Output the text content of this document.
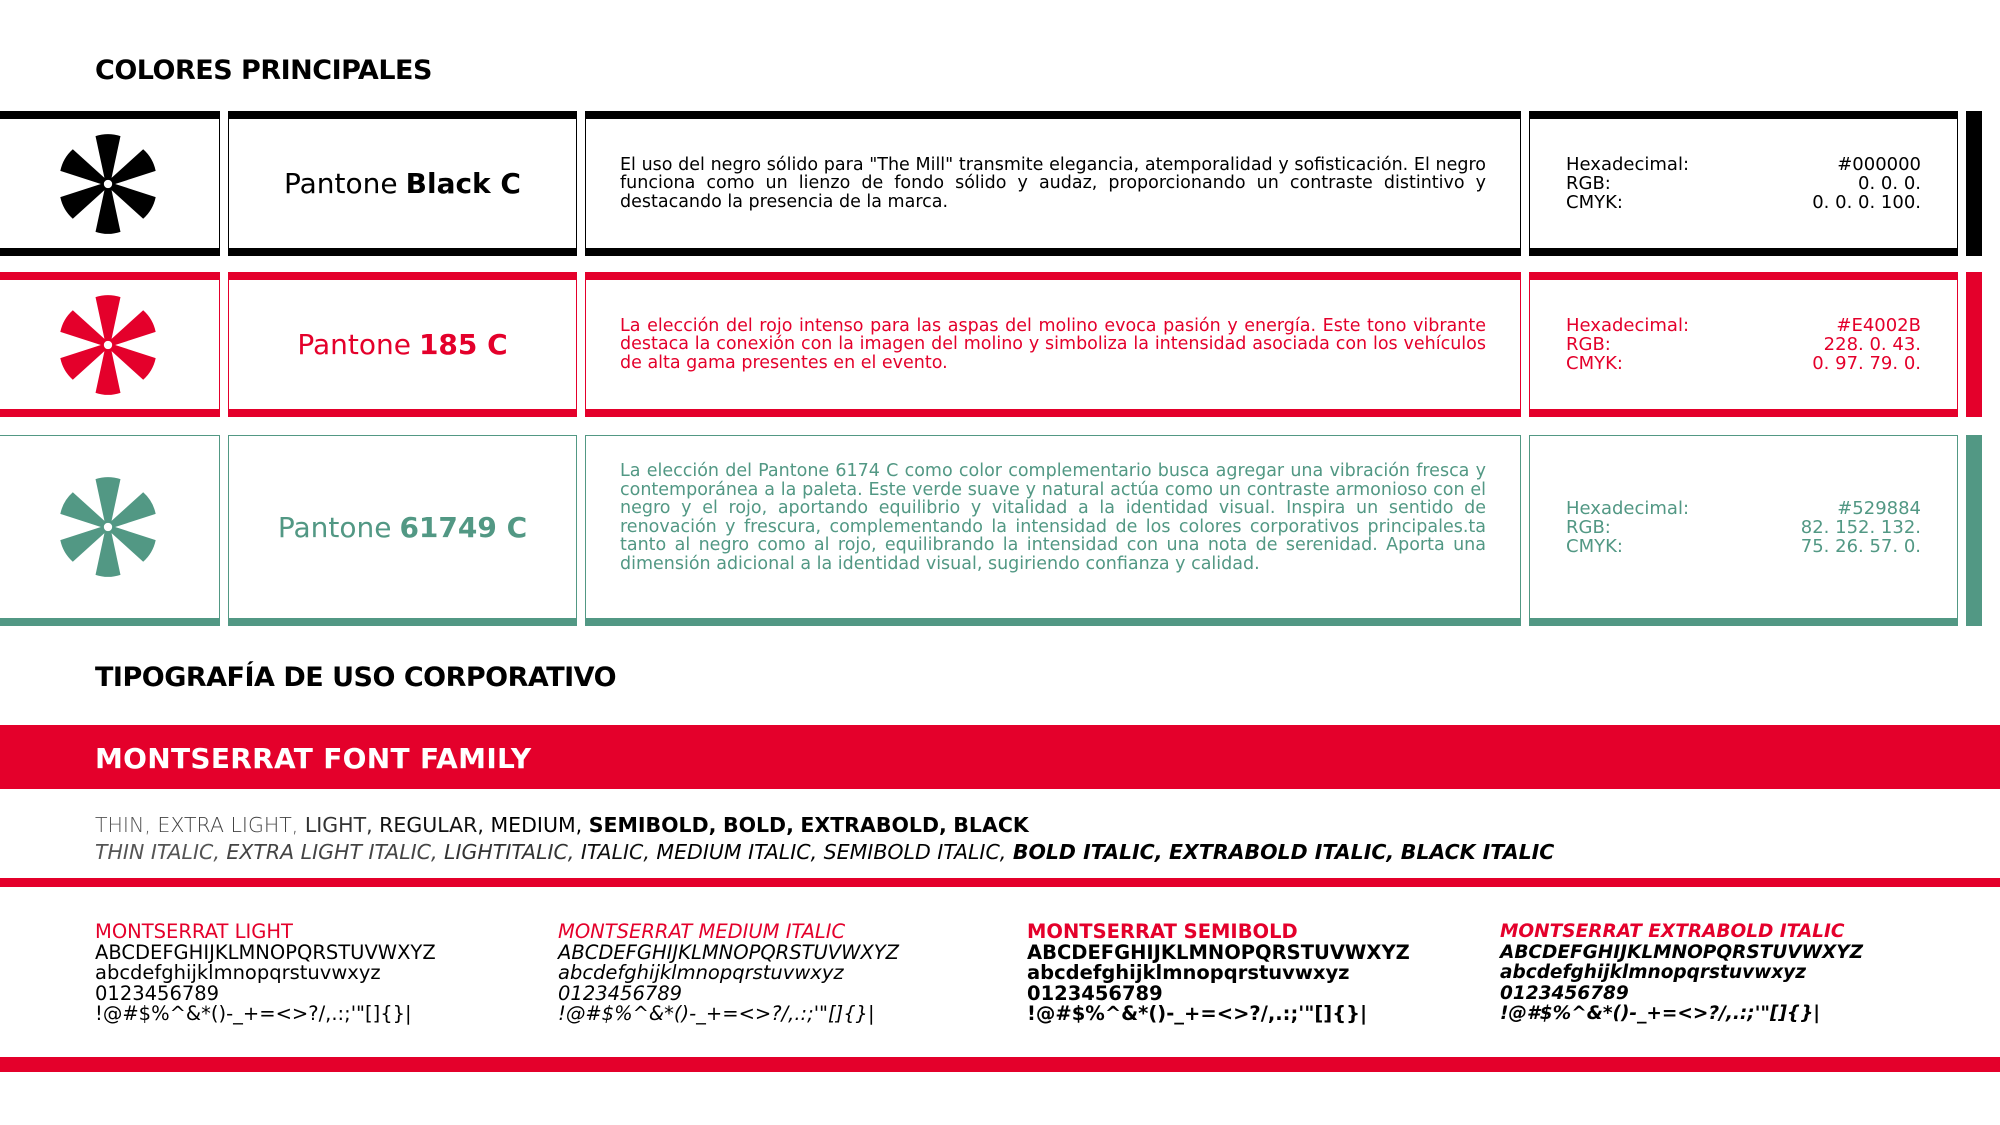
COLORES PRINCIPALES
Pantone Black C
El uso del negro sólido para "The Mill" transmite elegancia, atemporalidad y sofisticación. El negro funciona como un lienzo de fondo sólido y audaz, proporcionando un contraste distintivo y destacando la presencia de la marca.
Hexadecimal:	#000000
RGB:	0. 0. 0.
CMYK:	0. 0. 0. 100.
Pantone 185 C
La elección del rojo intenso para las aspas del molino evoca pasión y energía. Este tono vibrante destaca la conexión con la imagen del molino y simboliza la intensidad asociada con los vehículos de alta gama presentes en el evento.
Hexadecimal:	#E4002B
RGB:	228. 0. 43.
CMYK:	0. 97. 79. 0.
Pantone 61749 C
La elección del Pantone 6174 C como color complementario busca agregar una vibración fresca y contemporánea a la paleta. Este verde suave y natural actúa como un contraste armonioso con el negro y el rojo, aportando equilibrio y vitalidad a la identidad visual. Inspira un sentido de renovación y frescura, complementando la intensidad de los colores corporativos principales.ta tanto al negro como al rojo, equilibrando la intensidad con una nota de serenidad. Aporta una dimensión adicional a la identidad visual, sugiriendo confianza y calidad.
Hexadecimal:	#529884
RGB:	82. 152. 132.
CMYK:	75. 26. 57. 0.
TIPOGRAFÍA DE USO CORPORATIVO
MONTSERRAT FONT FAMILY
THIN, EXTRA LIGHT, LIGHT, REGULAR, MEDIUM, SEMIBOLD, BOLD, EXTRABOLD, BLACK
THIN ITALIC, EXTRA LIGHT ITALIC, LIGHTITALIC, ITALIC, MEDIUM ITALIC, SEMIBOLD ITALIC, BOLD ITALIC, EXTRABOLD ITALIC, BLACK ITALIC
MONTSERRAT LIGHT
ABCDEFGHIJKLMNOPQRSTUVWXYZ
abcdefghijklmnopqrstuvwxyz
0123456789
!@#$%^&*()-_+=<>?/,.:;'"[]{}|
MONTSERRAT MEDIUM ITALIC
ABCDEFGHIJKLMNOPQRSTUVWXYZ
abcdefghijklmnopqrstuvwxyz
0123456789
!@#$%^&*()-_+=<>?/,.:;'"[]{}|
MONTSERRAT SEMIBOLD
ABCDEFGHIJKLMNOPQRSTUVWXYZ
abcdefghijklmnopqrstuvwxyz
0123456789
!@#$%^&*()-_+=<>?/,.:;'"[]{}|
MONTSERRAT EXTRABOLD ITALIC
ABCDEFGHIJKLMNOPQRSTUVWXYZ
abcdefghijklmnopqrstuvwxyz
0123456789
!@#$%^&*()-_+=<>?/,.:;'"[]{}|
